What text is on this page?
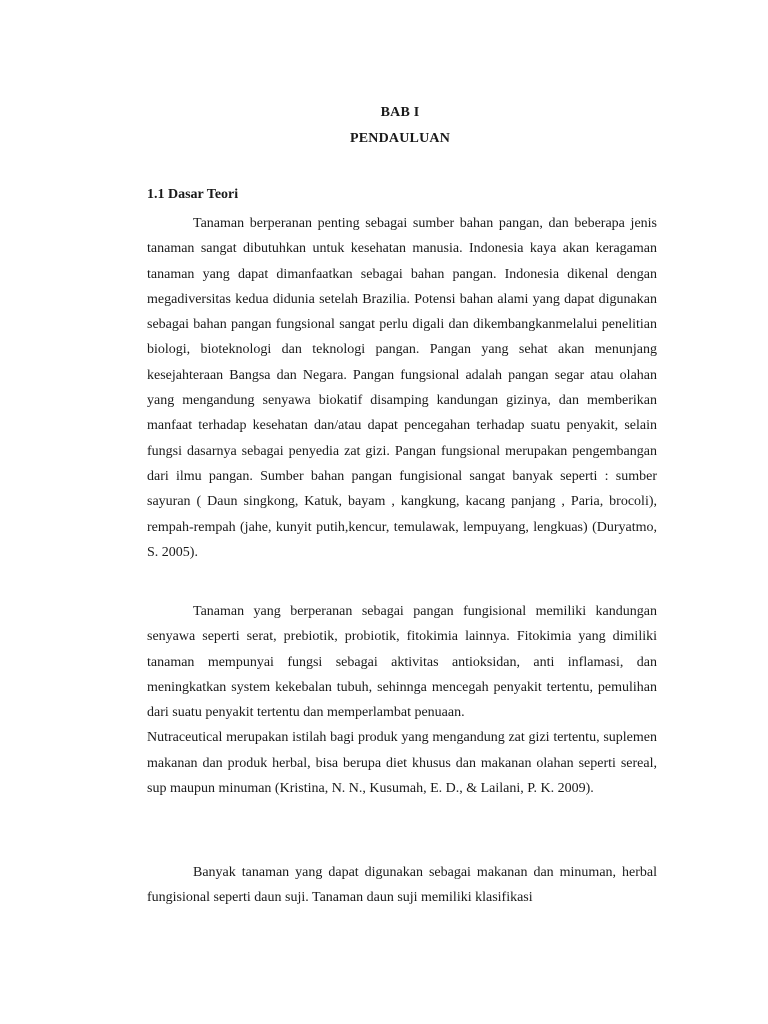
BAB I
PENDAULUAN
1.1 Dasar Teori

Tanaman berperanan penting sebagai sumber bahan pangan, dan beberapa jenis tanaman sangat dibutuhkan untuk kesehatan manusia. Indonesia kaya akan keragaman tanaman yang dapat dimanfaatkan sebagai bahan pangan. Indonesia dikenal dengan megadiversitas kedua didunia setelah Brazilia. Potensi bahan alami yang dapat digunakan sebagai bahan pangan fungsional sangat perlu digali dan dikembangkanmelalui penelitian biologi, bioteknologi dan teknologi pangan. Pangan yang sehat akan menunjang kesejahteraan Bangsa dan Negara. Pangan fungsional adalah pangan segar atau olahan yang mengandung senyawa biokatif disamping kandungan gizinya, dan memberikan manfaat terhadap kesehatan dan/atau dapat pencegahan terhadap suatu penyakit, selain fungsi dasarnya sebagai penyedia zat gizi. Pangan fungsional merupakan pengembangan dari ilmu pangan. Sumber bahan pangan fungisional sangat banyak seperti : sumber sayuran ( Daun singkong, Katuk, bayam , kangkung, kacang panjang , Paria, brocoli), rempah-rempah (jahe, kunyit putih,kencur, temulawak, lempuyang, lengkuas) (Duryatmo, S. 2005).

Tanaman yang berperanan sebagai pangan fungisional memiliki kandungan senyawa seperti serat, prebiotik, probiotik, fitokimia lainnya. Fitokimia yang dimiliki tanaman mempunyai fungsi sebagai aktivitas antioksidan, anti inflamasi, dan meningkatkan system kekebalan tubuh, sehinnga mencegah penyakit tertentu, pemulihan dari suatu penyakit tertentu dan memperlambat penuaan.

Nutraceutical merupakan istilah bagi produk yang mengandung zat gizi tertentu, suplemen makanan dan produk herbal, bisa berupa diet khusus dan makanan olahan seperti sereal, sup maupun minuman (Kristina, N. N., Kusumah, E. D., & Lailani, P. K. 2009).

Banyak tanaman yang dapat digunakan sebagai makanan dan minuman, herbal fungisional seperti daun suji. Tanaman daun suji memiliki klasifikasi
